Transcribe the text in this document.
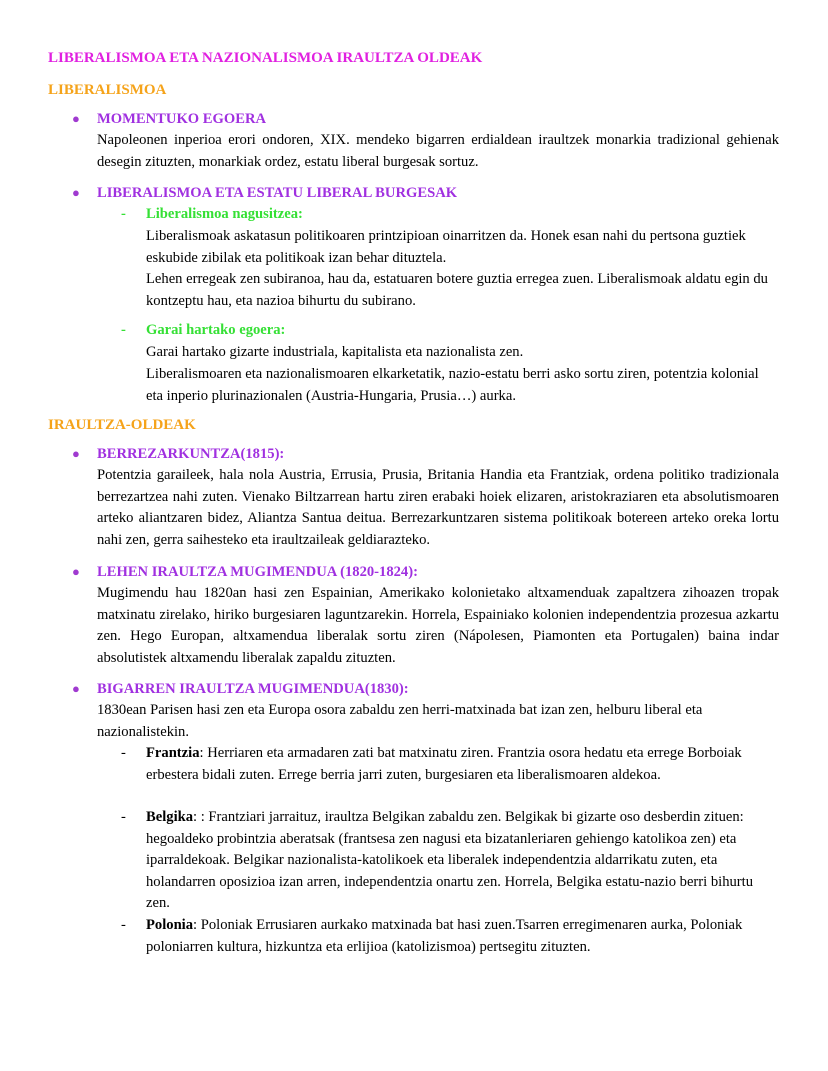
LIBERALISMOA ETA NAZIONALISMOA IRAULTZA OLDEAK
LIBERALISMOA
● MOMENTUKO EGOERA
Napoleonen inperioa erori ondoren, XIX. mendeko bigarren erdialdean iraultzek monarkia tradizional gehienak desegin zituzten, monarkiak ordez, estatu liberal burgesak sortuz.
● LIBERALISMOA ETA ESTATU LIBERAL BURGESAK
- Liberalismoa nagusitzea:
Liberalismoak askatasun politikoaren printzipioan oinarritzen da. Honek esan nahi du pertsona guztiek eskubide zibilak eta politikoak izan behar dituztela.
Lehen erregeak zen subiranoa, hau da, estatuaren botere guztia erregea zuen. Liberalismoak aldatu egin du kontzeptu hau, eta nazioa bihurtu du subirano.
- Garai hartako egoera:
Garai hartako gizarte industriala, kapitalista eta nazionalista zen.
Liberalismoaren eta nazionalismoaren elkarketatik, nazio-estatu berri asko sortu ziren, potentzia kolonial eta inperio plurinazionalen (Austria-Hungaria, Prusia…) aurka.
IRAULTZA-OLDEAK
● BERREZARKUNTZA(1815):
Potentzia garaileek, hala nola Austria, Errusia, Prusia, Britania Handia eta Frantziak, ordena politiko tradizionala berrezartzea nahi zuten. Vienako Biltzarrean hartu ziren erabaki hoiek elizaren, aristokraziaren eta absolutismoaren arteko aliantzaren bidez, Aliantza Santua deitua. Berrezarkuntzaren sistema politikoak botereen arteko oreka lortu nahi zen, gerra saihesteko eta iraultzaileak geldiarazteko.
● LEHEN IRAULTZA MUGIMENDUA (1820-1824):
Mugimendu hau 1820an hasi zen Espainian, Amerikako kolonietako altxamenduak zapaltzera zihoazen tropak matxinatu zirelako, hiriko burgesiaren laguntzarekin. Horrela, Espainiako kolonien independentzia prozesua azkartu zen. Hego Europan, altxamendua liberalak sortu ziren (Nápolesen, Piamonten eta Portugalen) baina indar absolutistek altxamendu liberalak zapaldu zituzten.
● BIGARREN IRAULTZA MUGIMENDUA(1830):
1830ean Parisen hasi zen eta Europa osora zabaldu zen herri-matxinada bat izan zen, helburu liberal eta nazionalistekin.
- Frantzia: Herriaren eta armadaren zati bat matxinatu ziren. Frantzia osora hedatu eta errege Borboiak erbestera bidali zuten. Errege berria jarri zuten, burgesiaren eta liberalismoaren aldekoa.
- Belgika: : Frantziari jarraituz, iraultza Belgikan zabaldu zen. Belgikak bi gizarte oso desberdin zituen: hegoaldeko probintzia aberatsak (frantsesa zen nagusi eta bizatanleriaren gehiengo katolikoa zen) eta iparraldekoak. Belgikar nazionalista-katolikoek eta liberalek independentzia aldarrikatu zuten, eta holandarren oposizioa izan arren, independentzia onartu zen. Horrela, Belgika estatu-nazio berri bihurtu zen.
- Polonia: Poloniak Errusiaren aurkako matxinada bat hasi zuen.Tsarren erregimenaren aurka, Poloniak poloniarren kultura, hizkuntza eta erlijioa (katolizismoa) pertsegitu zituzten.
